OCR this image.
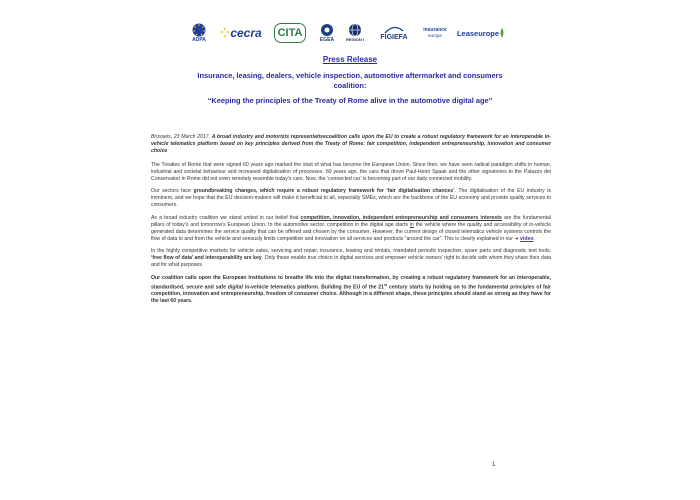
ADPA cecra	CITA
EGEA	REGION I FIGIEFA
insurance
europe Leaseurope
Press Release
Insurance, leasing, dealers, vehicle inspection, automotive aftermarket and consumers coalition:
“Keeping the principles of the Treaty of Rome alive in the automotive digital age”

Brussels, 23 March 2017. A broad industry and motorists representativecoalition calls upon the EU to create a robust regulatory framework for an interoperable in-vehicle telematics platform based on key principles derived from the Treaty of Rome: fair competition, independent entrepreneurship, innovation and consumer choice

The Treaties of Rome that were signed 60 years ago marked the start of what has become the European Union. Since then, we have seen radical paradigm shifts in human, industrial and societal behaviour and increased digitalisation of processes. 60 years ago, the cars that drove Paul-Henri Spaak and the other signatories to the Palazzo dei Conservatori in Rome did not even remotely resemble today’s cars. Now, the ‘connected car’ is becoming part of our daily connected mobility.

Our sectors face groundbreaking changes, which require a robust regulatory framework for ‘fair digitalisation chances’. The digitalisation of the EU industry is imminent, and we hope that the EU decision-makers will make it beneficial to all, especially SMEs, which are the backbone of the EU economy and provide quality services to consumers.

As a broad industry coalition we stand united in our belief that competition, innovation, independent entrepreneurship and consumers interests are the fundamental pillars of today’s and tomorrow’s European Union. In the automotive sector, competition in the digital age starts in the vehicle where the quality and accessibility of in-vehicle generated data determines the service quality that can be offered and chosen by the consumer. However, the current design of closed telematics vehicle systems controls the flow of data to and from the vehicle and seriously limits competition and innovation on all services and products “around the car”. This is clearly explained in our ➔ video.

In the highly competitive markets for vehicle sales, servicing and repair, insurance, leasing and rentals, mandated periodic inspection, spare parts and diagnostic test tools, ‘free flow of data’ and interoperability are key. Only these enable true choice in digital services and empower vehicle owners’ right to decide with whom they share their data and for what purposes.

Our coalition calls upon the European Institutions to breathe life into the digital transformation, by creating a robust regulatory framework for an interoperable, standardised, secure and safe digital in-vehicle telematics platform. Building the EU of the 21st century starts by holding on to the fundamental principles of fair competition, innovation and entrepreneurship, freedom of consumer choice. Although in a different shape, these principles should stand as strong as they have for the last 60 years.

1
